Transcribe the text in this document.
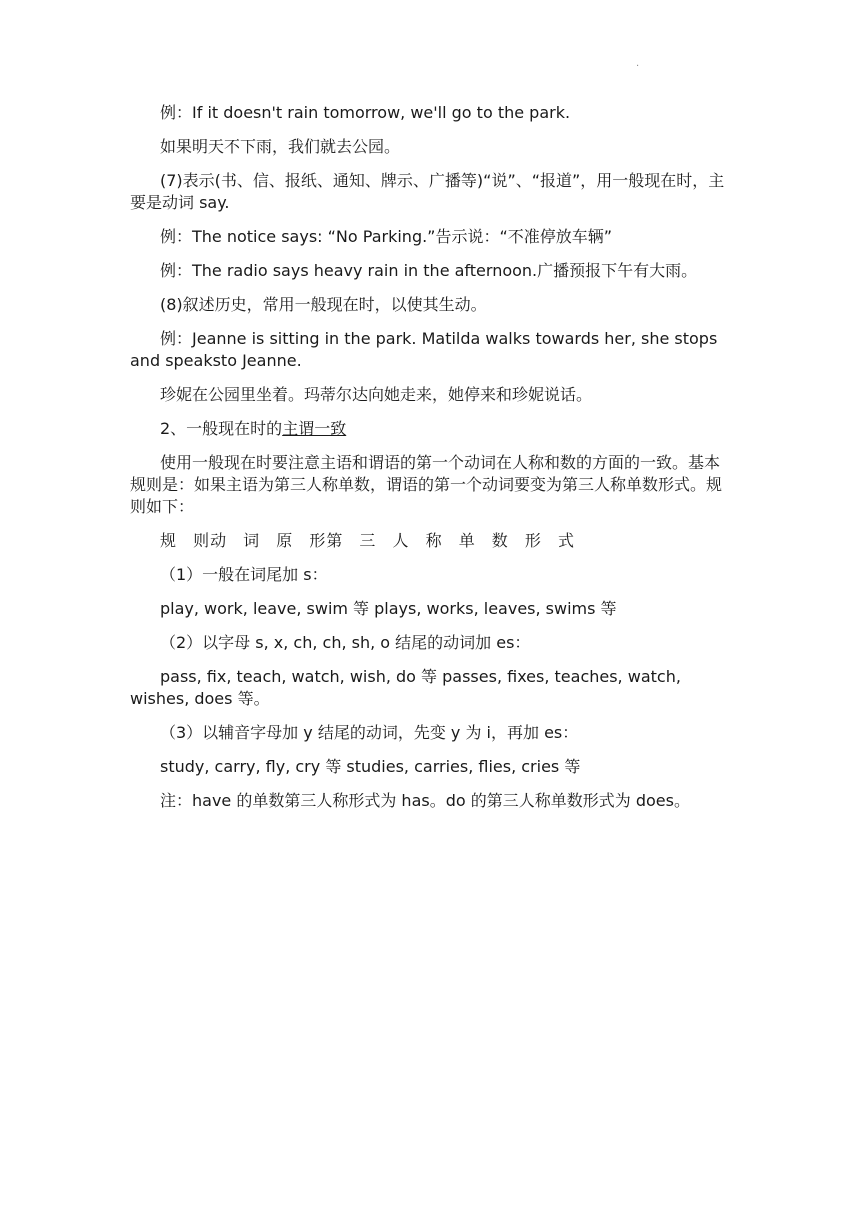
.

例：If it doesn't rain tomorrow, we'll go to the park.

如果明天不下雨，我们就去公园。

(7)表示(书、信、报纸、通知、牌示、广播等)“说”、“报道”，用一般现在时，主要是动词 say.

例：The notice says: “No Parking.”告示说：“不准停放车辆”

例：The radio says heavy rain in the afternoon.广播预报下午有大雨。

(8)叙述历史，常用一般现在时，以使其生动。

例：Jeanne is sitting in the park. Matilda walks towards her, she stops and speaksto Jeanne.

珍妮在公园里坐着。玛蒂尔达向她走来，她停来和珍妮说话。

2、一般现在时的主谓一致

使用一般现在时要注意主语和谓语的第一个动词在人称和数的方面的一致。基本规则是：如果主语为第三人称单数，谓语的第一个动词要变为第三人称单数形式。规则如下：

规 则动 词 原 形第 三 人 称 单 数 形 式

（1）一般在词尾加 s：

play, work, leave, swim 等 plays, works, leaves, swims 等

（2）以字母 s, x, ch, ch, sh, o 结尾的动词加 es：

pass, fix, teach, watch, wish, do 等 passes, fixes, teaches, watch, wishes, does 等。

（3）以辅音字母加 y 结尾的动词，先变 y 为 i，再加 es：

study, carry, fly, cry 等 studies, carries, flies, cries 等

注：have 的单数第三人称形式为 has。do 的第三人称单数形式为 does。
